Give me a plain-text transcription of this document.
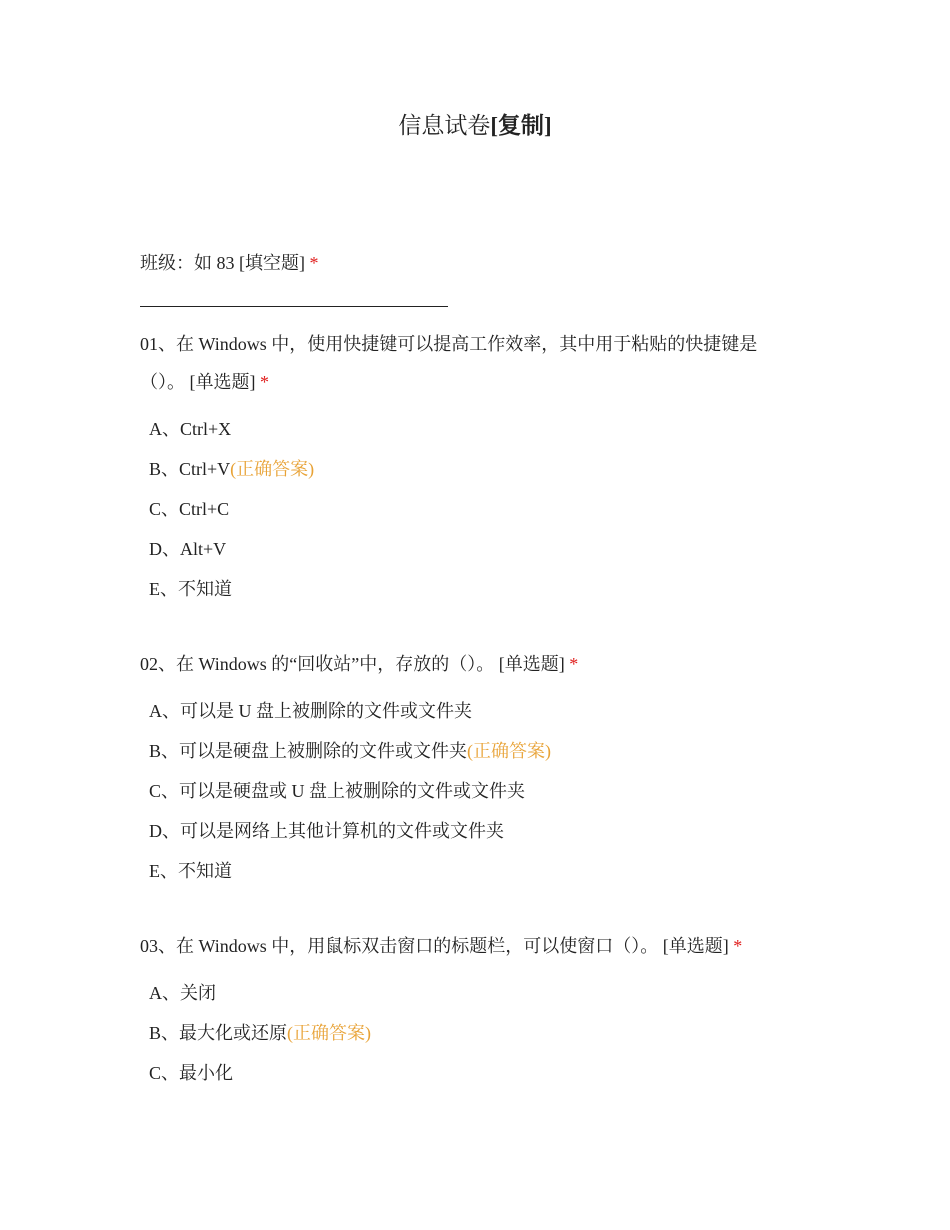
信息试卷[复制]
班级：如 83 [填空题] *
01、在 Windows 中，使用快捷键可以提高工作效率，其中用于粘贴的快捷键是（）。 [单选题] *
A、Ctrl+X
B、Ctrl+V(正确答案)
C、Ctrl+C
D、Alt+V
E、不知道
02、在 Windows 的“回收站”中，存放的（）。 [单选题] *
A、可以是 U 盘上被删除的文件或文件夹
B、可以是硬盘上被删除的文件或文件夹(正确答案)
C、可以是硬盘或 U 盘上被删除的文件或文件夹
D、可以是网络上其他计算机的文件或文件夹
E、不知道
03、在 Windows 中，用鼠标双击窗口的标题栏，可以使窗口（）。 [单选题] *
A、关闭
B、最大化或还原(正确答案)
C、最小化
